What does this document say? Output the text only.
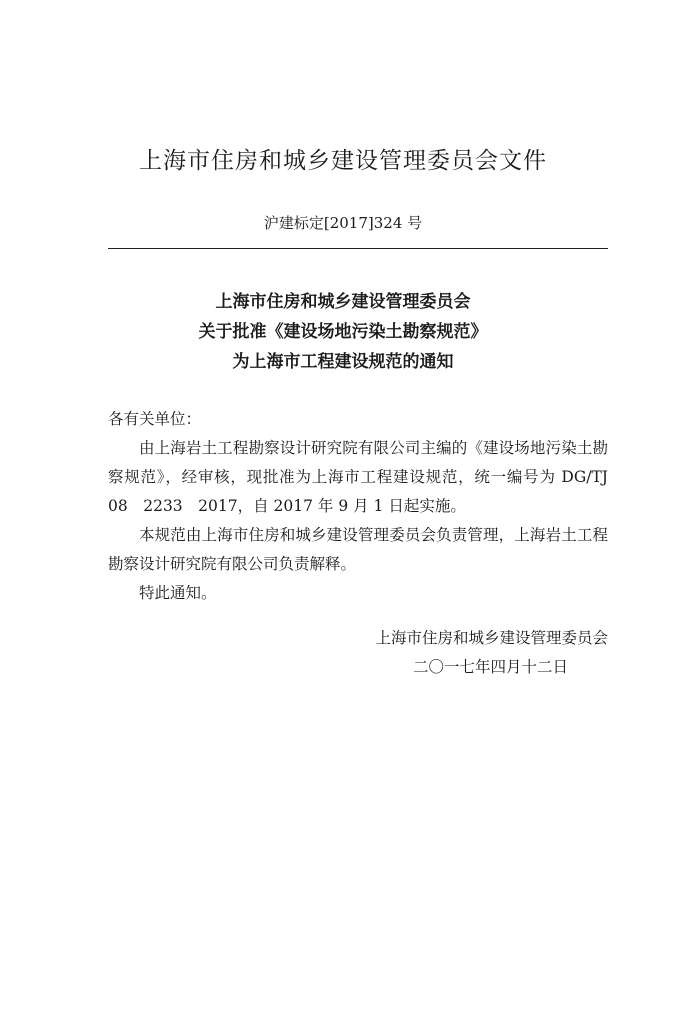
上海市住房和城乡建设管理委员会文件
沪建标定[2017]324 号
上海市住房和城乡建设管理委员会
关于批准《建设场地污染土勘察规范》
为上海市工程建设规范的通知

各有关单位：

由上海岩土工程勘察设计研究院有限公司主编的《建设场地污染土勘察规范》，经审核，现批准为上海市工程建设规范，统一编号为 DG/TJ 08　2233　2017，自 2017 年 9 月 1 日起实施。

本规范由上海市住房和城乡建设管理委员会负责管理，上海岩土工程勘察设计研究院有限公司负责解释。

特此通知。

上海市住房和城乡建设管理委员会
二〇一七年四月十二日
